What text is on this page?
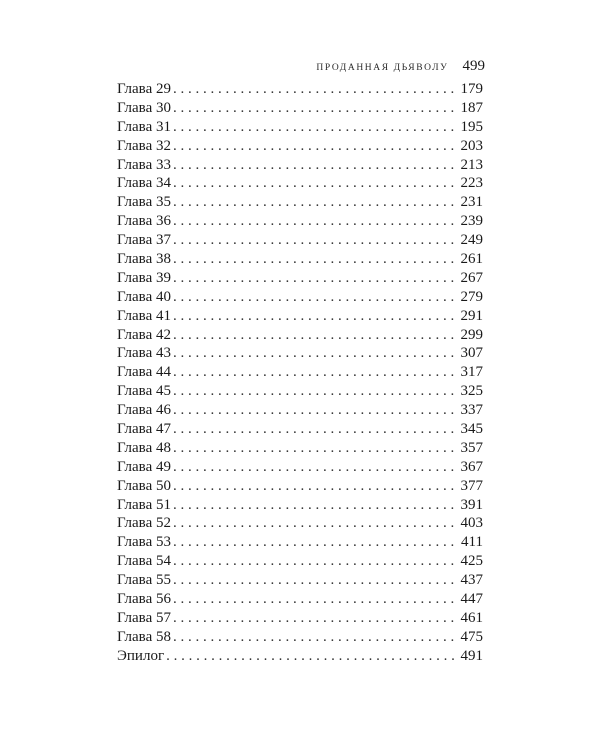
ПРОДАННАЯ ДЬЯВОЛУ 499
Глава 29 . . .	179
Глава 30 . . .	187
Глава 31 . . .	195
Глава 32 . . .	203
Глава 33 . . .	213
Глава 34 . . .	223
Глава 35 . . .	231
Глава 36 . . .	239
Глава 37 . . .	249
Глава 38 . . .	261
Глава 39 . . .	267
Глава 40 . . .	279
Глава 41 . . .	291
Глава 42 . . .	299
Глава 43 . . .	307
Глава 44 . . .	317
Глава 45 . . .	325
Глава 46 . . .	337
Глава 47 . . .	345
Глава 48 . . .	357
Глава 49 . . .	367
Глава 50 . . .	377
Глава 51 . . .	391
Глава 52 . . .	403
Глава 53 . . .	411
Глава 54 . . .	425
Глава 55 . . .	437
Глава 56 . . .	447
Глава 57 . . .	461
Глава 58 . . .	475
Эпилог . . .	491
